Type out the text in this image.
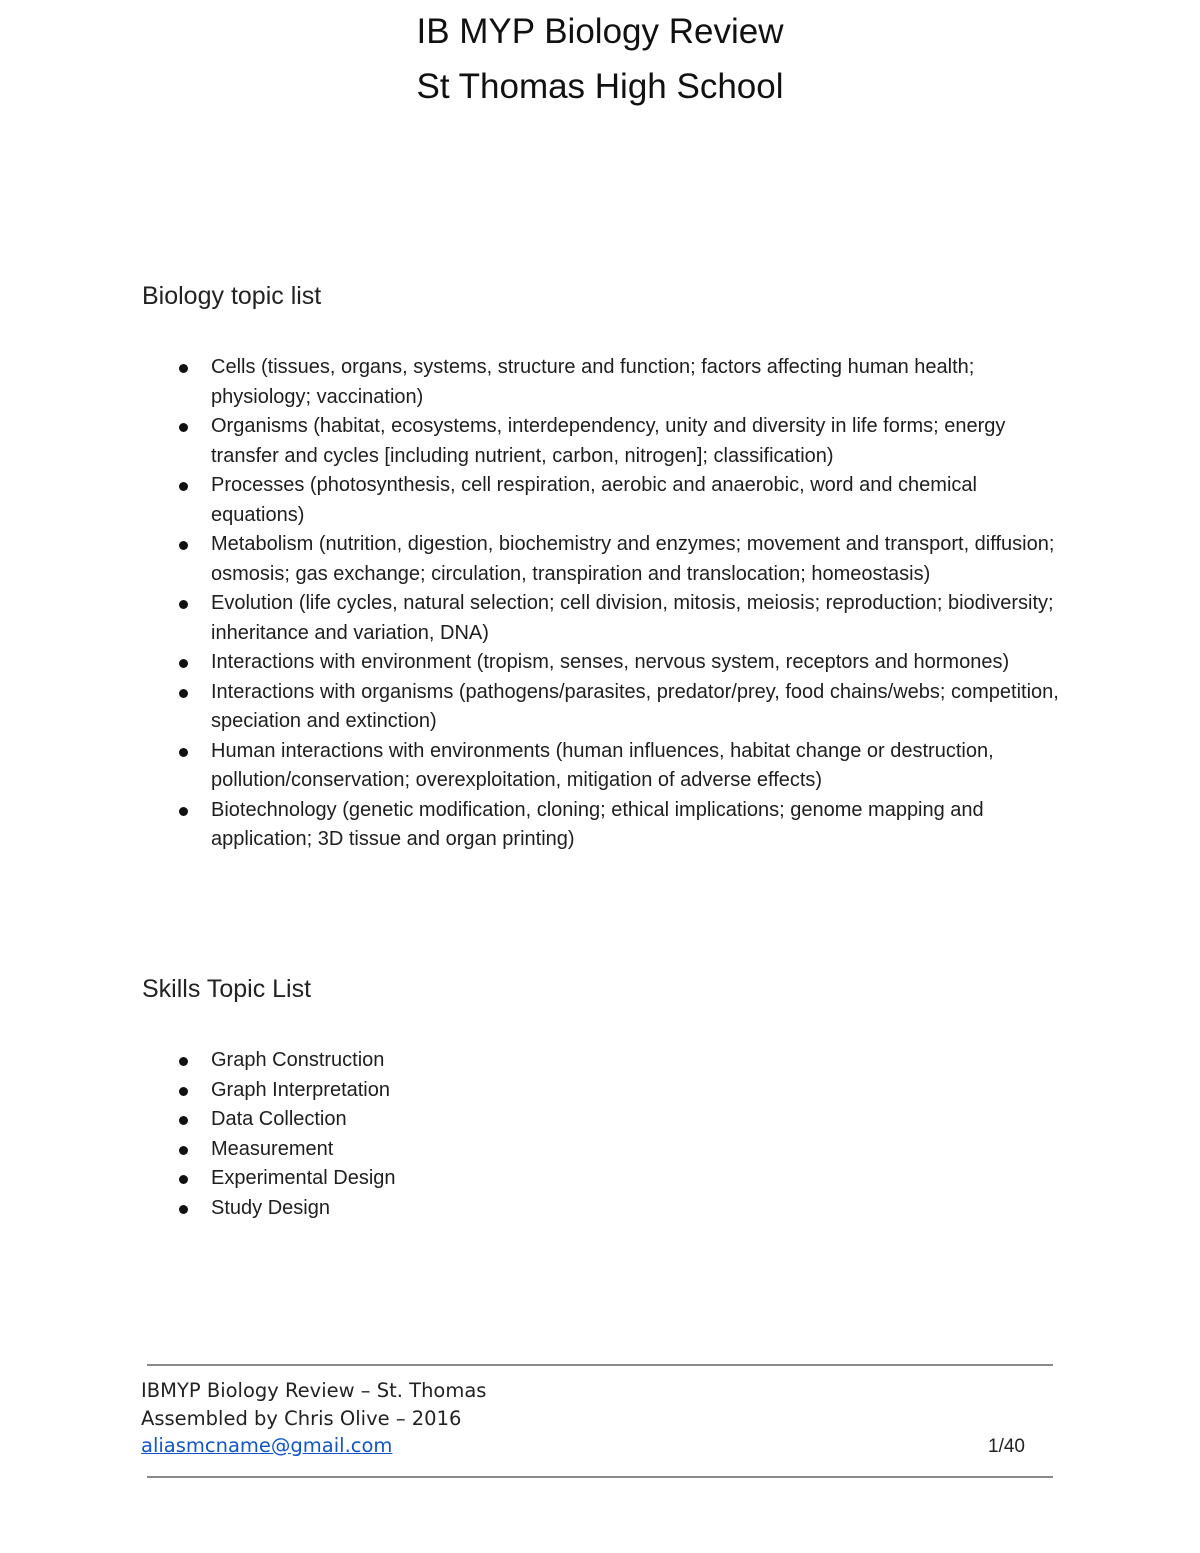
IB MYP Biology Review
St Thomas High School
Biology topic list
Cells (tissues, organs, systems, structure and function; factors affecting human health; physiology; vaccination)
Organisms (habitat, ecosystems, interdependency, unity and diversity in life forms; energy transfer and cycles [including nutrient, carbon, nitrogen]; classification)
Processes (photosynthesis, cell respiration, aerobic and anaerobic, word and chemical equations)
Metabolism (nutrition, digestion, biochemistry and enzymes; movement and transport, diffusion; osmosis; gas exchange; circulation, transpiration and translocation; homeostasis)
Evolution (life cycles, natural selection; cell division, mitosis, meiosis; reproduction; biodiversity; inheritance and variation, DNA)
Interactions with environment (tropism, senses, nervous system, receptors and hormones)
Interactions with organisms (pathogens/parasites, predator/prey, food chains/webs; competition, speciation and extinction)
Human interactions with environments (human influences, habitat change or destruction, pollution/conservation; overexploitation, mitigation of adverse effects)
Biotechnology (genetic modification, cloning; ethical implications; genome mapping and application; 3D tissue and organ printing)
Skills Topic List
Graph Construction
Graph Interpretation
Data Collection
Measurement
Experimental Design
Study Design
IBMYP Biology Review – St. Thomas
Assembled by Chris Olive – 2016
aliasmcname@gmail.com	1/40
